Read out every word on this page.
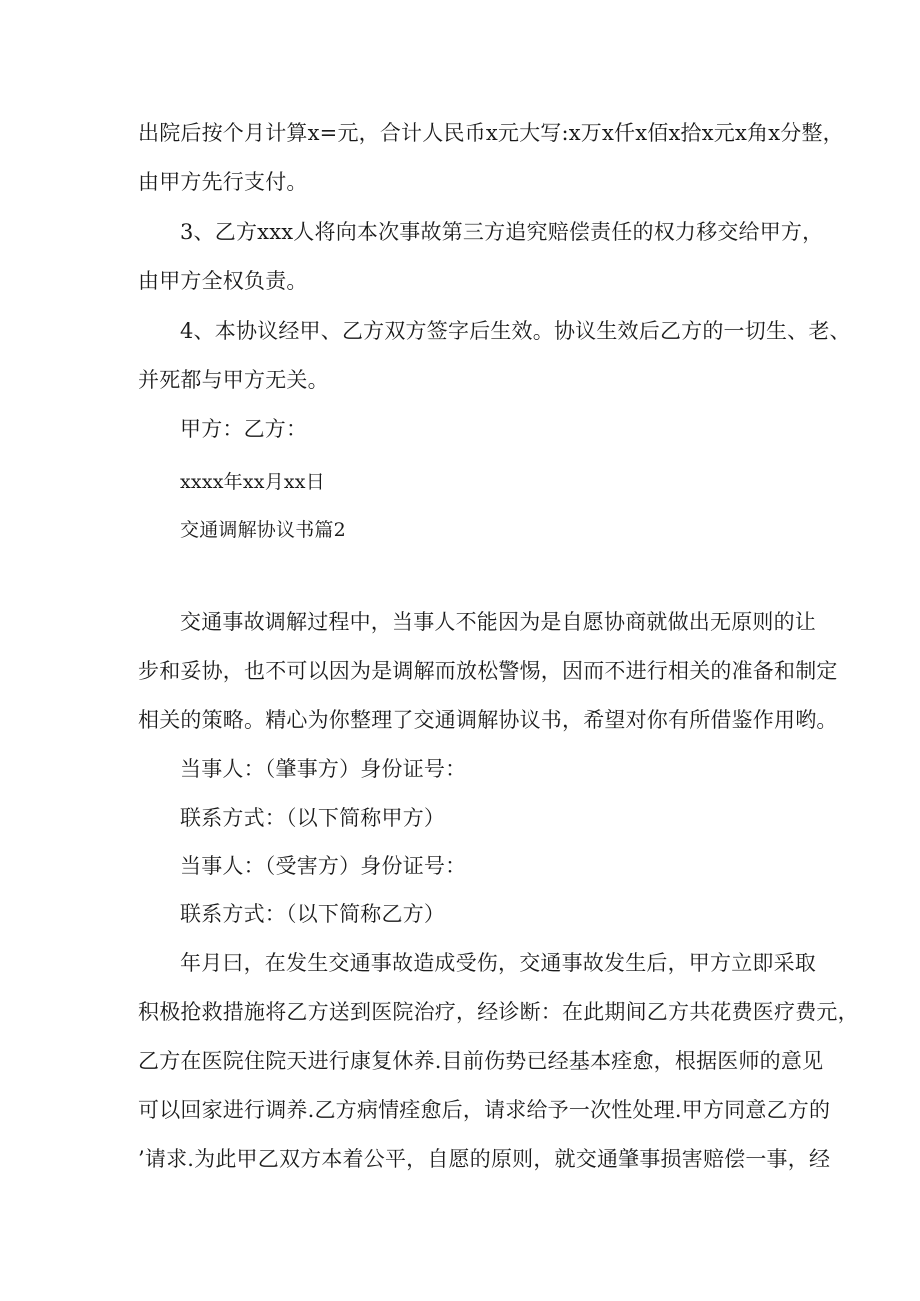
出院后按个月计算x=元，合计人民币x元大写:x万x仟x佰x拾x元x角x分整，
由甲方先行支付。
3、乙方xxx人将向本次事故第三方追究赔偿责任的权力移交给甲方，
由甲方全权负责。
4、本协议经甲、乙方双方签字后生效。协议生效后乙方的一切生、老、
并死都与甲方无关。
甲方：乙方：
xxxx年xx月xx日
交通调解协议书篇2
交通事故调解过程中，当事人不能因为是自愿协商就做出无原则的让
步和妥协，也不可以因为是调解而放松警惕，因而不进行相关的准备和制定
相关的策略。精心为你整理了交通调解协议书，希望对你有所借鉴作用哟。
当事人：（肇事方）身份证号：
联系方式：（以下简称甲方）
当事人：（受害方）身份证号：
联系方式：（以下简称乙方）
年月曰，在发生交通事故造成受伤，交通事故发生后，甲方立即采取
积极抢救措施将乙方送到医院治疗，经诊断：在此期间乙方共花费医疗费元，
乙方在医院住院天进行康复休养.目前伤势已经基本痊愈，根据医师的意见
可以回家进行调养.乙方病情痊愈后，请求给予一次性处理.甲方同意乙方的
’请求.为此甲乙双方本着公平，自愿的原则，就交通肇事损害赔偿一事，经
